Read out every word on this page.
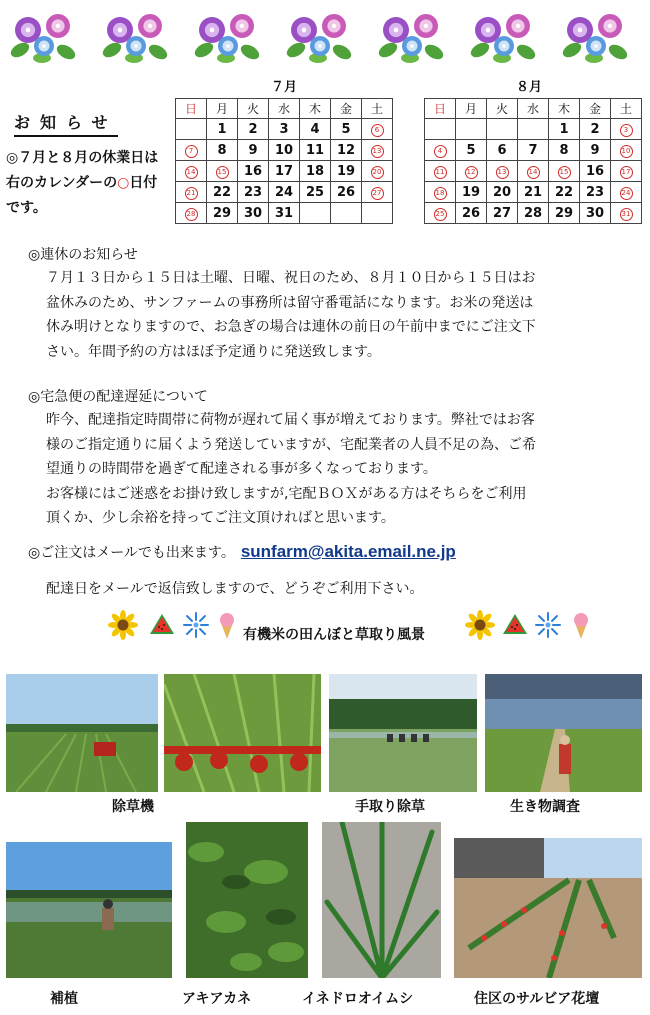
お知らせ
◎７月と８月の休業日は右のカレンダーの○日付です。
７月
日	月	火	水	木	金	土
	1	2	3	4	5	6
7	8	9	10	11	12	13
14	15	16	17	18	19	20
21	22	23	24	25	26	27
28	29	30	31			
８月
日	月	火	水	木	金	土
				1	2	3
4	5	6	7	8	9	10
11	12	13	14	15	16	17
18	19	20	21	22	23	24
25	26	27	28	29	30	31
◎連休のお知らせ
７月１３日から１５日は土曜、日曜、祝日のため、８月１０日から１５日はお
盆休みのため、サンファームの事務所は留守番電話になります。お米の発送は
休み明けとなりますので、お急ぎの場合は連休の前日の午前中までにご注文下
さい。年間予約の方はほぼ予定通りに発送致します。
◎宅急便の配達遅延について
昨今、配達指定時間帯に荷物が遅れて届く事が増えております。弊社ではお客
様のご指定通りに届くよう発送していますが、宅配業者の人員不足の為、ご希
望通りの時間帯を過ぎて配達される事が多くなっております。
お客様にはご迷惑をお掛け致しますが,宅配ＢＯＸがある方はそちらをご利用
頂くか、少し余裕を持ってご注文頂ければと思います。
◎ご注文はメールでも出来ます。 sunfarm@akita.email.ne.jp
配達日をメールで返信致しますので、どうぞご利用下さい。
有機米の田んぼと草取り風景
除草機	手取り除草	生き物調査
補植	アキアカネ	イネドロオイムシ	住区のサルビア花壇
